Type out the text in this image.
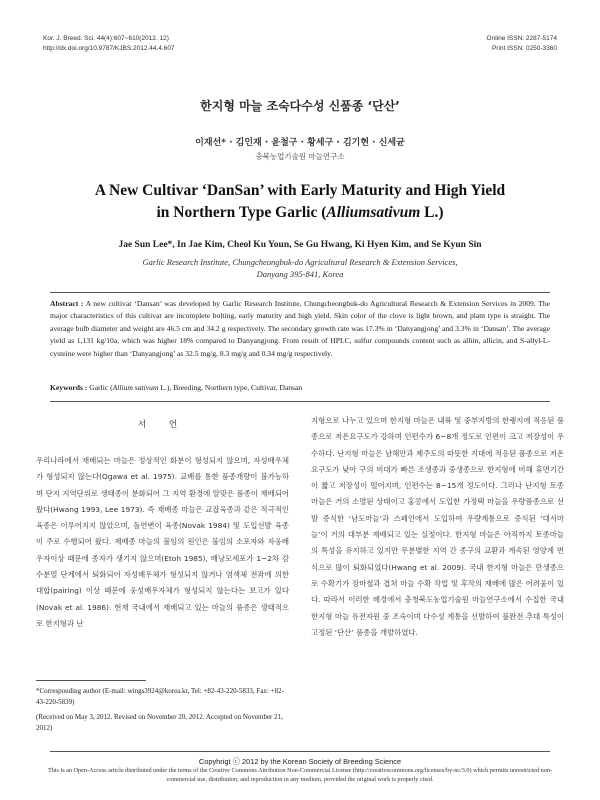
Kor. J. Breed. Sci. 44(4):607~610(2012. 12)
http://dx.doi.org/10.9787/KJBS.2012.44.4.607
Online ISSN: 2287-5174
Print ISSN: 0250-3360
한지형 마늘 조숙다수성 신품종 ‘단산’
이재선* · 김인재 · 윤철구 · 황세구 · 김기현 · 신세균
충북농업기술원 마늘연구소
A New Cultivar ‘DanSan’ with Early Maturity and High Yield
in Northern Type Garlic (Alliumsativum L.)
Jae Sun Lee*, In Jae Kim, Cheol Ku Youn, Se Gu Hwang, Ki Hyen Kim, and Se Kyun Sin
Garlic Research Institute, Chungcheongbuk-do Agricultural Research & Extension Services,
Danyang 395-841, Korea
Abstract : A new cultivar ‘Dansan’ was developed by Garlic Research Institute, Chungcheongbuk-do Agricultural Research & Extension Services in 2009. The major characteristics of this cultivar are incomplete bolting, early maturity and high yield. Skin color of the clove is light brown, and plant type is straight. The average bulb diameter and weight are 46.5 cm and 34.2 g respectively. The secondary growth rate was 17.3% in ‘Danyangjong’ and 3.3% in ‘Dansan’. The average yield as 1,131 kg/10a, which was higher 18% compared to Danyangjong. From result of HPLC, sulfur compounds content such as alliin, allicin, and S-allyl-L-cysteine were higher than ‘Danyangjong’ as 32.5 mg/g, 8.3 mg/g and 0.34 mg/g respectively.
Keywords : Garlic (Allium sativum L.), Breeding, Northern type, Cultivar, Dansan
서 언

우리나라에서 재배되는 마늘은 정상적인 화분이 형성되지 않으며, 자성배우체가 형성되지 않는다(Ogawa et al. 1975). 교배를 통한 품종개량이 불가능하며 단지 지역단위로 생태종이 분화되어 그 지역 환경에 알맞은 품종이 재배되어 왔다(Hwang 1993, Lee 1973). 즉 재배종 마늘은 교잡육종과 같은 적극적인 육종은 이루어지지 않았으며, 돌연변이 육종(Novak 1984) 및 도입선발 육종이 주로 수행되어 왔다. 재배종 마늘의 불임의 원인은 불임의 소포자와 자웅배우자이상 때문에 종자가 생기지 않으며(Etoh 1985), 배낭모세포가 1~2차 감수분열 단계에서 퇴화되어 자성배우체가 형성되지 않거나 염색체 전좌에 의한 대합(pairing) 이상 때문에 웅성배우자체가 형성되지 않는다는 보고가 있다(Novak et al. 1986). 현재 국내에서 재배되고 있는 마늘의 품종은 생태적으로 한지형과 난

지형으로 나누고 있으며 한지형 마늘은 내륙 및 중부지방의 한랭지에 적응된 품종으로 저온요구도가 강하며 인편수가 6~8개 정도로 인편이 크고 저장성이 우수하다. 난지형 마늘은 남해안과 제주도의 따뜻한 지대에 적응된 품종으로 저온요구도가 낮아 구의 비대가 빠른 조생종과 중생종으로 한지형에 비해 휴면기간이 짧고 저장성이 떨어지며, 인편수는 8~15개 정도이다. 그러나 난지형 토종마늘은 거의 소멸된 상태이고 홍콩에서 도입한 가정택 마늘을 우량품종으로 선발 증식한 ‘남도마늘’과 스페인에서 도입하여 우량계통으로 증식된 ‘대서마늘’이 거의 대부분 재배되고 있는 실정이다. 한지형 마늘은 아직까지 토종마늘의 특성을 유지하고 있지만 무분별한 지역 간 종구의 교환과 계속된 영양계 번식으로 많이 퇴화되었다(Hwang et al. 2009). 국내 한지형 마늘은 만생종으로 수확기가 장마철과 겹쳐 마늘 수확 작업 및 후작의 재배에 많은 어려움이 있다. 따라서 이러한 배경에서 충청북도농업기술원 마늘연구소에서 수집한 국내 한지형 마늘 유전자원 중 조숙이며 다수성 계통을 선발하여 불완전 추대 특성이 고정된 ‘단산’ 품종을 개발하였다.

*Corresponding author (E-mail: wings3924@korea.kr, Tel: +82-43-220-5833, Fax: +82-43-220-5839)

(Received on May 3, 2012. Revised on November 20, 2012. Accepted on November 21, 2012)

Copyhrigt ⓒ 2012 by the Korean Society of Breeding Science
This is an Open-Access article distributed under the terms of the Creative Commons Attribution Non-Commercial License (http://creativecommons.org/licenses/by-nc/3.0) which permits unrestricted non-commercial use, distribution, and reproduction in any medium, provided the original work is properly cited.
